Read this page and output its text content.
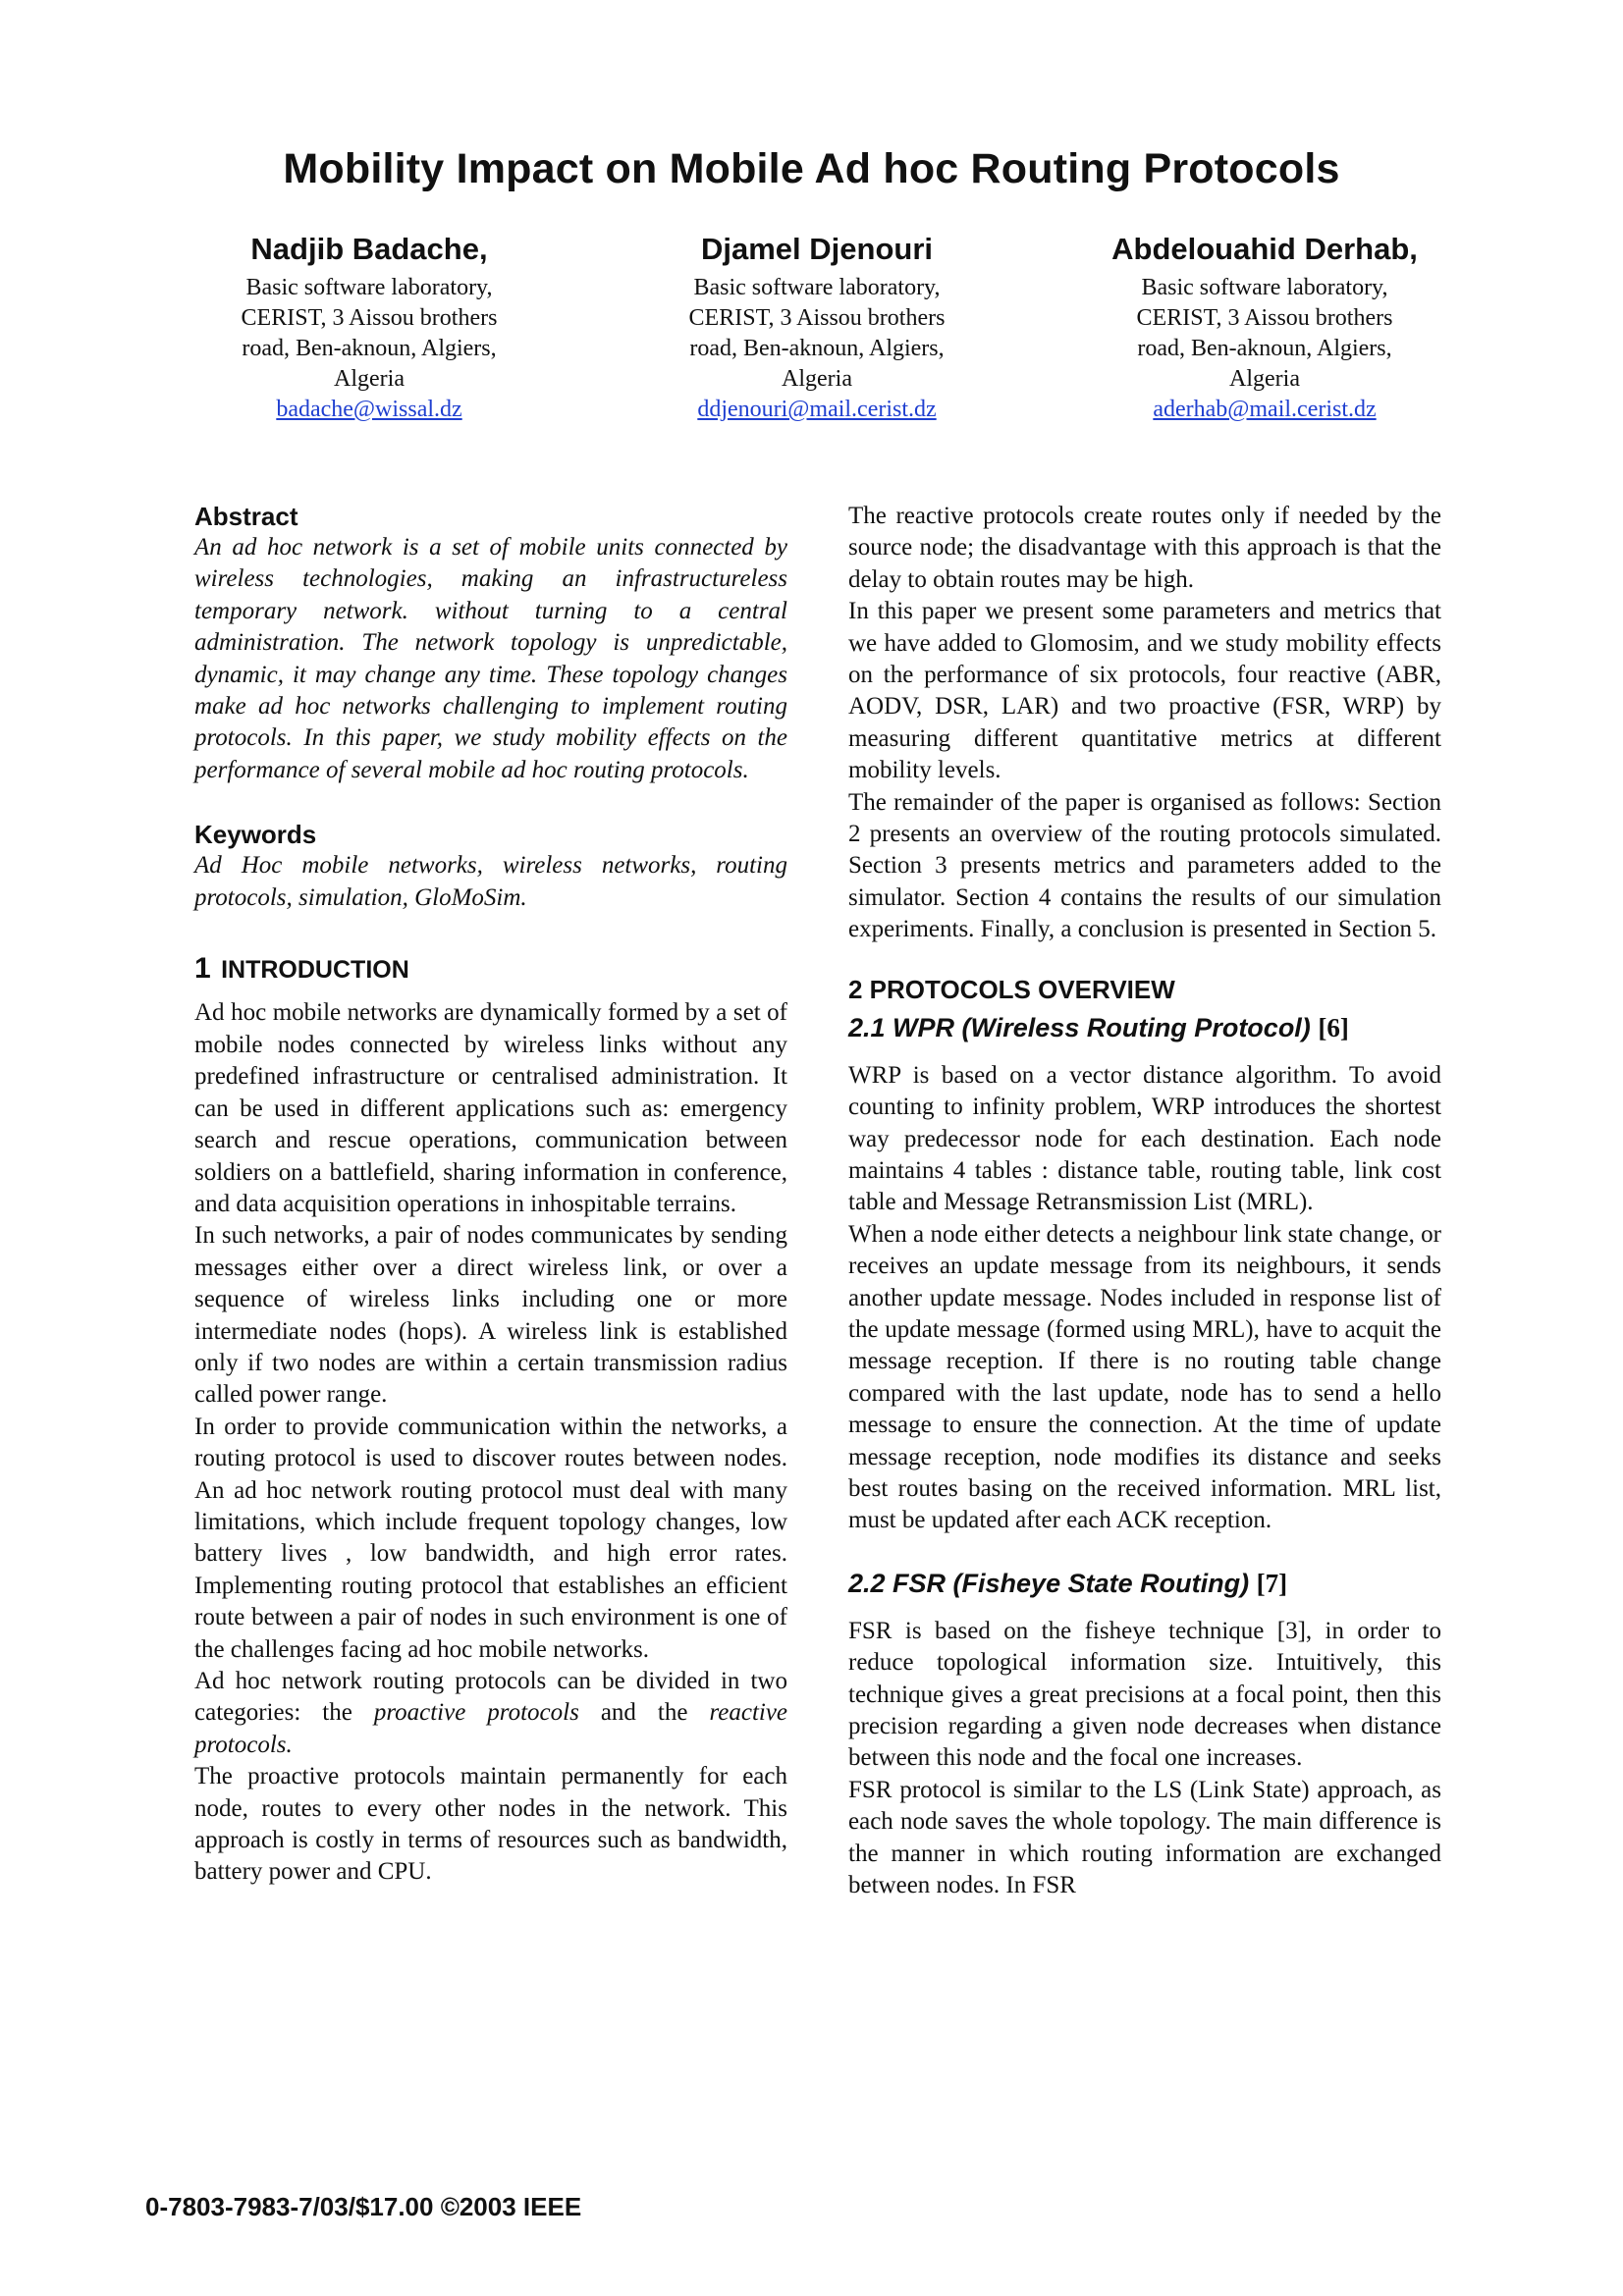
Mobility Impact on Mobile Ad hoc Routing Protocols
Nadjib Badache,
Basic software laboratory,
CERIST, 3 Aissou brothers
road, Ben-aknoun, Algiers,
Algeria
badache@wissal.dz
Djamel Djenouri
Basic software laboratory,
CERIST, 3 Aissou brothers
road, Ben-aknoun, Algiers,
Algeria
ddjenouri@mail.cerist.dz
Abdelouahid Derhab,
Basic software laboratory,
CERIST, 3 Aissou brothers
road, Ben-aknoun, Algiers,
Algeria
aderhab@mail.cerist.dz
Abstract

An ad hoc network is a set of mobile units connected by wireless technologies, making an infrastructureless temporary network. without turning to a central administration. The network topology is unpredictable, dynamic, it may change any time. These topology changes make ad hoc networks challenging to implement routing protocols. In this paper, we study mobility effects on the performance of several mobile ad hoc routing protocols.

Keywords

Ad Hoc mobile networks, wireless networks, routing protocols, simulation, GloMoSim.

1 INTRODUCTION

Ad hoc mobile networks are dynamically formed by a set of mobile nodes connected by wireless links without any predefined infrastructure or centralised administration. It can be used in different applications such as: emergency search and rescue operations, communication between soldiers on a battlefield, sharing information in conference, and data acquisition operations in inhospitable terrains.

In such networks, a pair of nodes communicates by sending messages either over a direct wireless link, or over a sequence of wireless links including one or more intermediate nodes (hops). A wireless link is established only if two nodes are within a certain transmission radius called power range.

In order to provide communication within the networks, a routing protocol is used to discover routes between nodes. An ad hoc network routing protocol must deal with many limitations, which include frequent topology changes, low battery lives , low bandwidth, and high error rates. Implementing routing protocol that establishes an efficient route between a pair of nodes in such environment is one of the challenges facing ad hoc mobile networks.

Ad hoc network routing protocols can be divided in two categories: the proactive protocols and the reactive protocols.

The proactive protocols maintain permanently for each node, routes to every other nodes in the network. This approach is costly in terms of resources such as bandwidth, battery power and CPU.

The reactive protocols create routes only if needed by the source node; the disadvantage with this approach is that the delay to obtain routes may be high.

In this paper we present some parameters and metrics that we have added to Glomosim, and we study mobility effects on the performance of six protocols, four reactive (ABR, AODV, DSR, LAR) and two proactive (FSR, WRP) by measuring different quantitative metrics at different mobility levels.

The remainder of the paper is organised as follows: Section 2 presents an overview of the routing protocols simulated. Section 3 presents metrics and parameters added to the simulator. Section 4 contains the results of our simulation experiments. Finally, a conclusion is presented in Section 5.

2 PROTOCOLS OVERVIEW
2.1 WPR (Wireless Routing Protocol) [6]

WRP is based on a vector distance algorithm. To avoid counting to infinity problem, WRP introduces the shortest way predecessor node for each destination. Each node maintains 4 tables : distance table, routing table, link cost table and Message Retransmission List (MRL).

When a node either detects a neighbour link state change, or receives an update message from its neighbours, it sends another update message. Nodes included in response list of the update message (formed using MRL), have to acquit the message reception. If there is no routing table change compared with the last update, node has to send a hello message to ensure the connection. At the time of update message reception, node modifies its distance and seeks best routes basing on the received information. MRL list, must be updated after each ACK reception.

2.2 FSR (Fisheye State Routing) [7]

FSR is based on the fisheye technique [3], in order to reduce topological information size. Intuitively, this technique gives a great precisions at a focal point, then this precision regarding a given node decreases when distance between this node and the focal one increases.

FSR protocol is similar to the LS (Link State) approach, as each node saves the whole topology. The main difference is the manner in which routing information are exchanged between nodes. In FSR

0-7803-7983-7/03/$17.00 ©2003 IEEE
